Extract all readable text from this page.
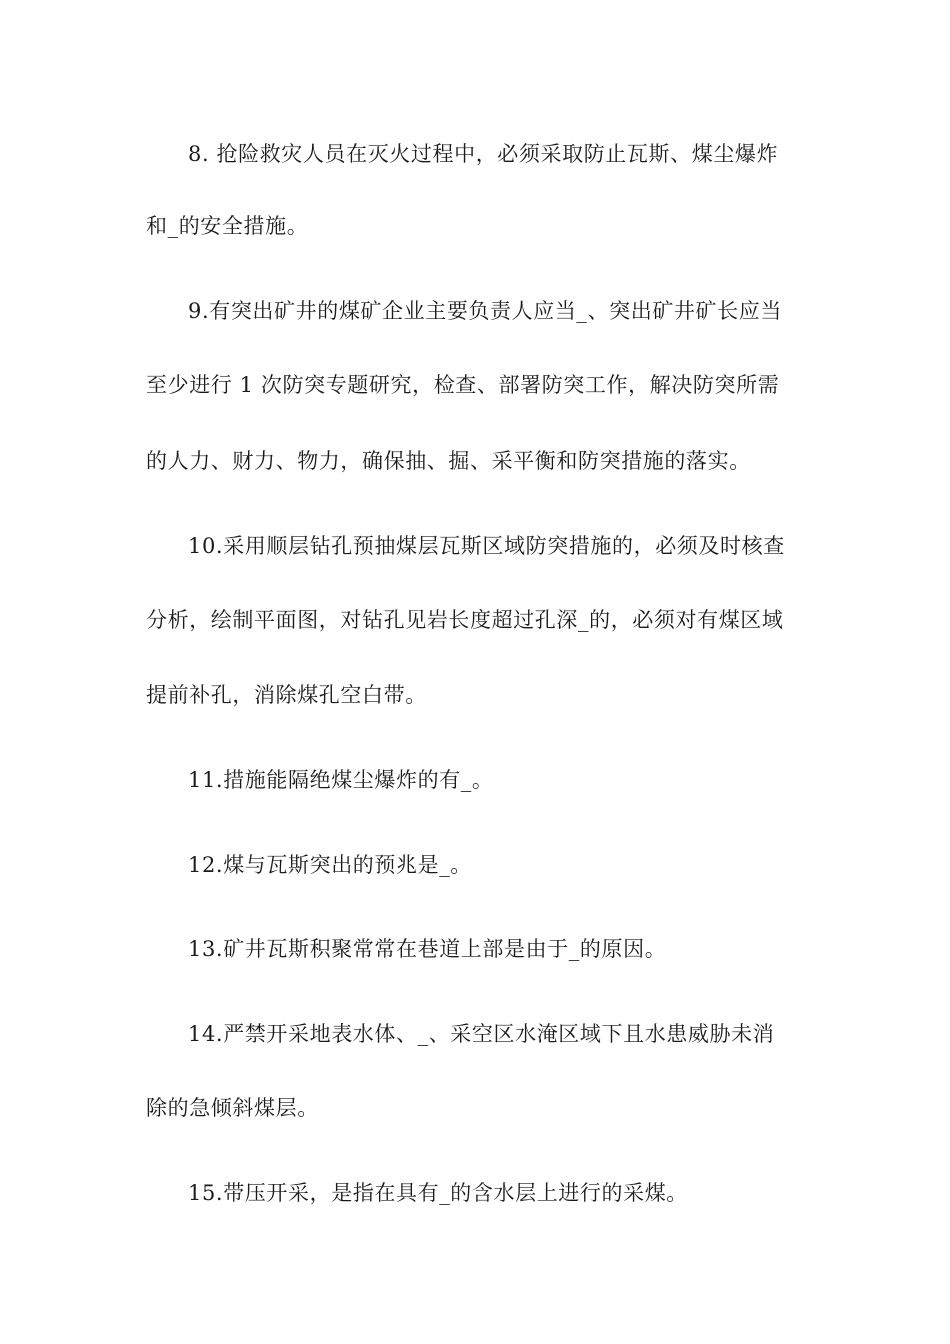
8. 抢险救灾人员在灭火过程中，必须采取防止瓦斯、煤尘爆炸
和_的安全措施。
9.有突出矿井的煤矿企业主要负责人应当_、突出矿井矿长应当
至少进行 1 次防突专题研究，检查、部署防突工作，解决防突所需
的人力、财力、物力，确保抽、掘、采平衡和防突措施的落实。
10.采用顺层钻孔预抽煤层瓦斯区域防突措施的，必须及时核查
分析，绘制平面图，对钻孔见岩长度超过孔深_的，必须对有煤区域
提前补孔，消除煤孔空白带。
11.措施能隔绝煤尘爆炸的有_。
12.煤与瓦斯突出的预兆是_。
13.矿井瓦斯积聚常常在巷道上部是由于_的原因。
14.严禁开采地表水体、_、采空区水淹区域下且水患威胁未消
除的急倾斜煤层。
15.带压开采，是指在具有_的含水层上进行的采煤。
